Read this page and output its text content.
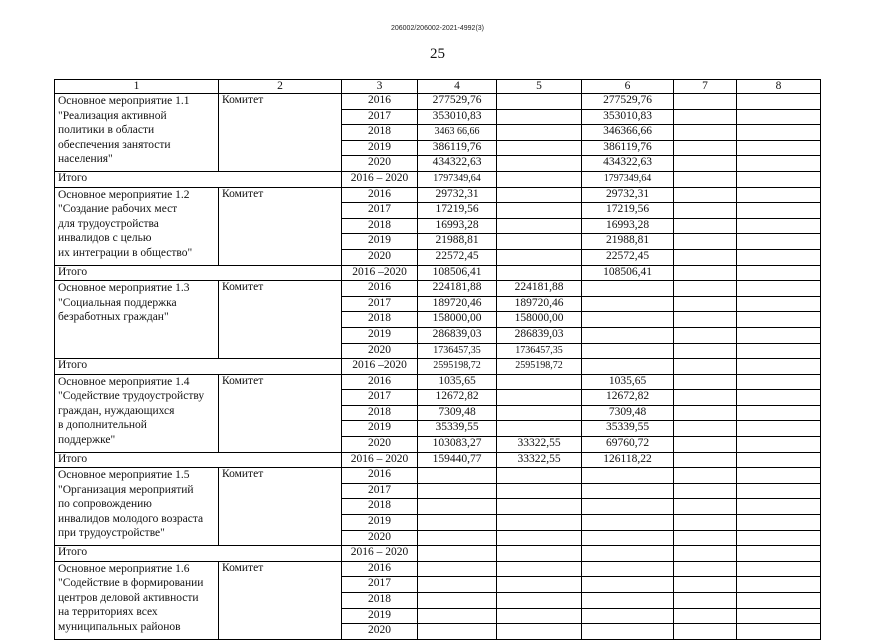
206002/206002-2021-4992(3)
25
1	2	3	4	5	6	7	8
Основное мероприятие 1.1
"Реализация активной
политики в области
обеспечения занятости
населения"	Комитет	2016	277529,76		277529,76		
		2017	353010,83		353010,83		
		2018	3463 66,66		346366,66		
		2019	386119,76		386119,76		
		2020	434322,63		434322,63		
Итого		2016 – 2020	1797349,64		1797349,64		
Основное мероприятие 1.2
"Создание рабочих мест
для трудоустройства
инвалидов с целью
их интеграции в общество"	Комитет	2016	29732,31		29732,31		
		2017	17219,56		17219,56		
		2018	16993,28		16993,28		
		2019	21988,81		21988,81		
		2020	22572,45		22572,45		
Итого		2016 –2020	108506,41		108506,41		
Основное мероприятие 1.3
"Социальная поддержка
безработных граждан"	Комитет	2016	224181,88	224181,88			
		2017	189720,46	189720,46			
		2018	158000,00	158000,00			
		2019	286839,03	286839,03			
		2020	1736457,35	1736457,35			
Итого		2016 –2020	2595198,72	2595198,72			
Основное мероприятие 1.4
"Содействие трудоустройству
граждан, нуждающихся
в дополнительной
поддержке"	Комитет	2016	1035,65		1035,65		
		2017	12672,82		12672,82		
		2018	7309,48		7309,48		
		2019	35339,55		35339,55		
		2020	103083,27	33322,55	69760,72		
Итого		2016 – 2020	159440,77	33322,55	126118,22		
Основное мероприятие 1.5
"Организация мероприятий
по сопровождению
инвалидов молодого возраста
при трудоустройстве"	Комитет	2016					
		2017					
		2018					
		2019					
		2020					
Итого		2016 – 2020					
Основное мероприятие 1.6
"Содействие в формировании
центров деловой активности
на территориях всех
муниципальных районов	Комитет	2016					
		2017					
		2018					
		2019					
		2020					
